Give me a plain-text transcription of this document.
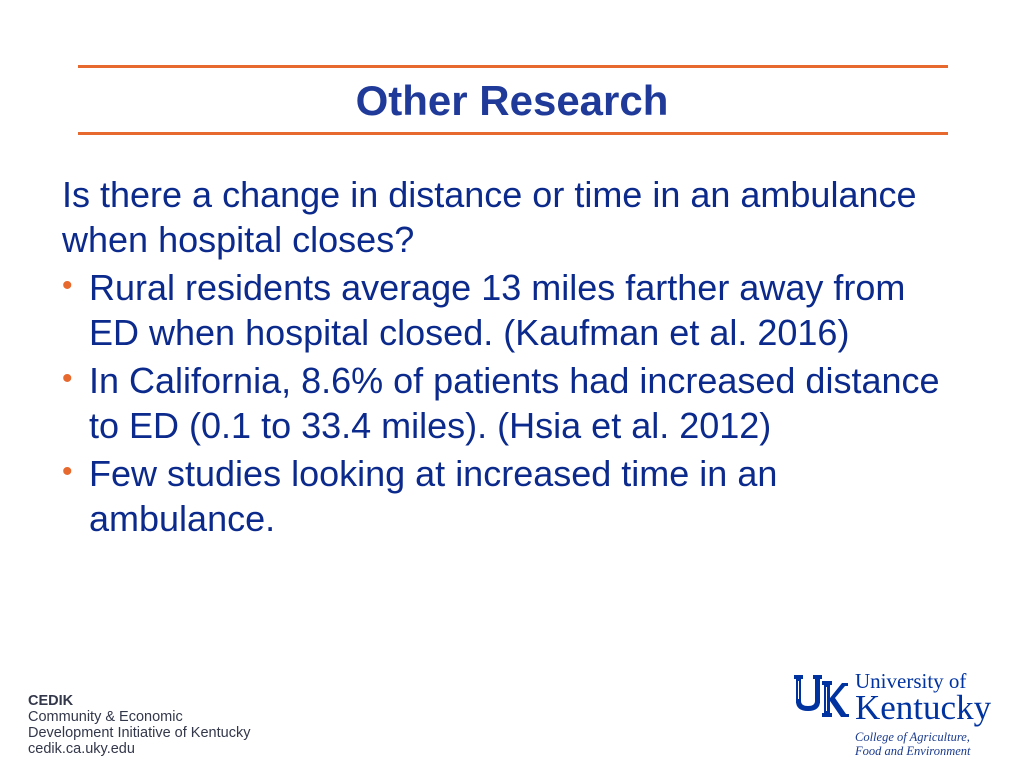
Other Research
Is there a change in distance or time in an ambulance when hospital closes?
• Rural residents average 13 miles farther away from ED when hospital closed. (Kaufman et al. 2016)
• In California, 8.6% of patients had increased distance to ED (0.1 to 33.4 miles). (Hsia et al. 2012)
• Few studies looking at increased time in an ambulance.
CEDIK
Community & Economic
Development Initiative of Kentucky
cedik.ca.uky.edu
University of
Kentucky
College of Agriculture,
Food and Environment
